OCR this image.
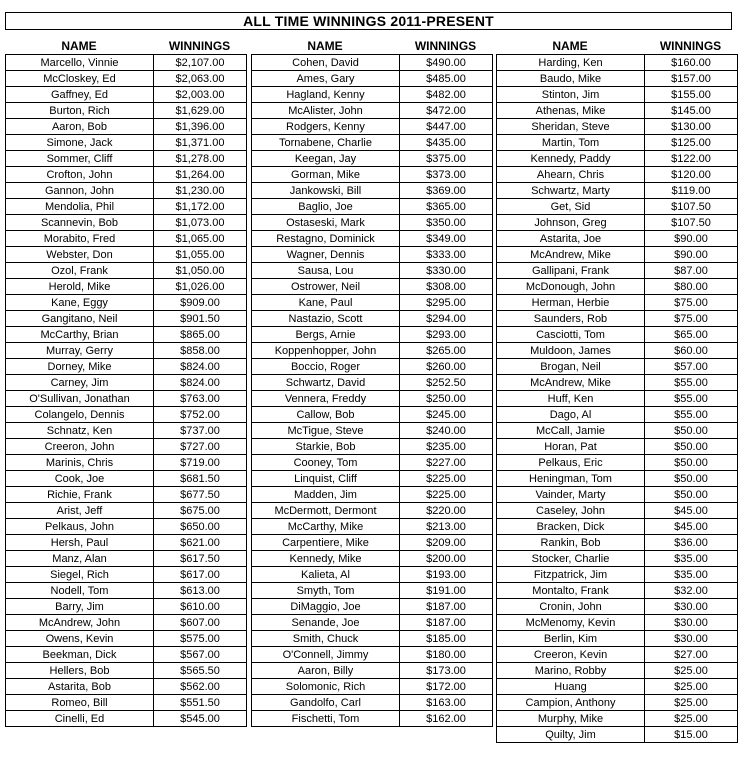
ALL TIME WINNINGS 2011-PRESENT
NAME	WINNINGS
Marcello, Vinnie	$2,107.00
McCloskey, Ed	$2,063.00
Gaffney, Ed	$2,003.00
Burton, Rich	$1,629.00
Aaron, Bob	$1,396.00
Simone, Jack	$1,371.00
Sommer, Cliff	$1,278.00
Crofton, John	$1,264.00
Gannon, John	$1,230.00
Mendolia, Phil	$1,172.00
Scannevin, Bob	$1,073.00
Morabito, Fred	$1,065.00
Webster, Don	$1,055.00
Ozol, Frank	$1,050.00
Herold, Mike	$1,026.00
Kane, Eggy	$909.00
Gangitano, Neil	$901.50
McCarthy, Brian	$865.00
Murray, Gerry	$858.00
Dorney, Mike	$824.00
Carney, Jim	$824.00
O'Sullivan, Jonathan	$763.00
Colangelo, Dennis	$752.00
Schnatz, Ken	$737.00
Creeron, John	$727.00
Marinis, Chris	$719.00
Cook, Joe	$681.50
Richie, Frank	$677.50
Arist, Jeff	$675.00
Pelkaus, John	$650.00
Hersh, Paul	$621.00
Manz, Alan	$617.50
Siegel, Rich	$617.00
Nodell, Tom	$613.00
Barry, Jim	$610.00
McAndrew, John	$607.00
Owens, Kevin	$575.00
Beekman, Dick	$567.00
Hellers, Bob	$565.50
Astarita, Bob	$562.00
Romeo, Bill	$551.50
Cinelli, Ed	$545.00
NAME	WINNINGS
Cohen, David	$490.00
Ames, Gary	$485.00
Hagland, Kenny	$482.00
McAlister, John	$472.00
Rodgers, Kenny	$447.00
Tornabene, Charlie	$435.00
Keegan, Jay	$375.00
Gorman, Mike	$373.00
Jankowski, Bill	$369.00
Baglio, Joe	$365.00
Ostaseski, Mark	$350.00
Restagno, Dominick	$349.00
Wagner, Dennis	$333.00
Sausa, Lou	$330.00
Ostrower, Neil	$308.00
Kane, Paul	$295.00
Nastazio, Scott	$294.00
Bergs, Arnie	$293.00
Koppenhopper, John	$265.00
Boccio, Roger	$260.00
Schwartz, David	$252.50
Vennera, Freddy	$250.00
Callow, Bob	$245.00
McTigue, Steve	$240.00
Starkie, Bob	$235.00
Cooney, Tom	$227.00
Linquist, Cliff	$225.00
Madden, Jim	$225.00
McDermott, Dermont	$220.00
McCarthy, Mike	$213.00
Carpentiere, Mike	$209.00
Kennedy, Mike	$200.00
Kalieta, Al	$193.00
Smyth, Tom	$191.00
DiMaggio, Joe	$187.00
Senande, Joe	$187.00
Smith, Chuck	$185.00
O'Connell, Jimmy	$180.00
Aaron, Billy	$173.00
Solomonic, Rich	$172.00
Gandolfo, Carl	$163.00
Fischetti, Tom	$162.00
NAME	WINNINGS
Harding, Ken	$160.00
Baudo, Mike	$157.00
Stinton, Jim	$155.00
Athenas, Mike	$145.00
Sheridan, Steve	$130.00
Martin, Tom	$125.00
Kennedy, Paddy	$122.00
Ahearn, Chris	$120.00
Schwartz, Marty	$119.00
Get, Sid	$107.50
Johnson, Greg	$107.50
Astarita, Joe	$90.00
McAndrew, Mike	$90.00
Gallipani, Frank	$87.00
McDonough, John	$80.00
Herman, Herbie	$75.00
Saunders, Rob	$75.00
Casciotti, Tom	$65.00
Muldoon, James	$60.00
Brogan, Neil	$57.00
McAndrew, Mike	$55.00
Huff, Ken	$55.00
Dago, Al	$55.00
McCall, Jamie	$50.00
Horan, Pat	$50.00
Pelkaus, Eric	$50.00
Heningman, Tom	$50.00
Vainder, Marty	$50.00
Caseley, John	$45.00
Bracken, Dick	$45.00
Rankin, Bob	$36.00
Stocker, Charlie	$35.00
Fitzpatrick, Jim	$35.00
Montalto, Frank	$32.00
Cronin, John	$30.00
McMenomy, Kevin	$30.00
Berlin, Kim	$30.00
Creeron, Kevin	$27.00
Marino, Robby	$25.00
Huang	$25.00
Campion, Anthony	$25.00
Murphy, Mike	$25.00
Quilty, Jim	$15.00
